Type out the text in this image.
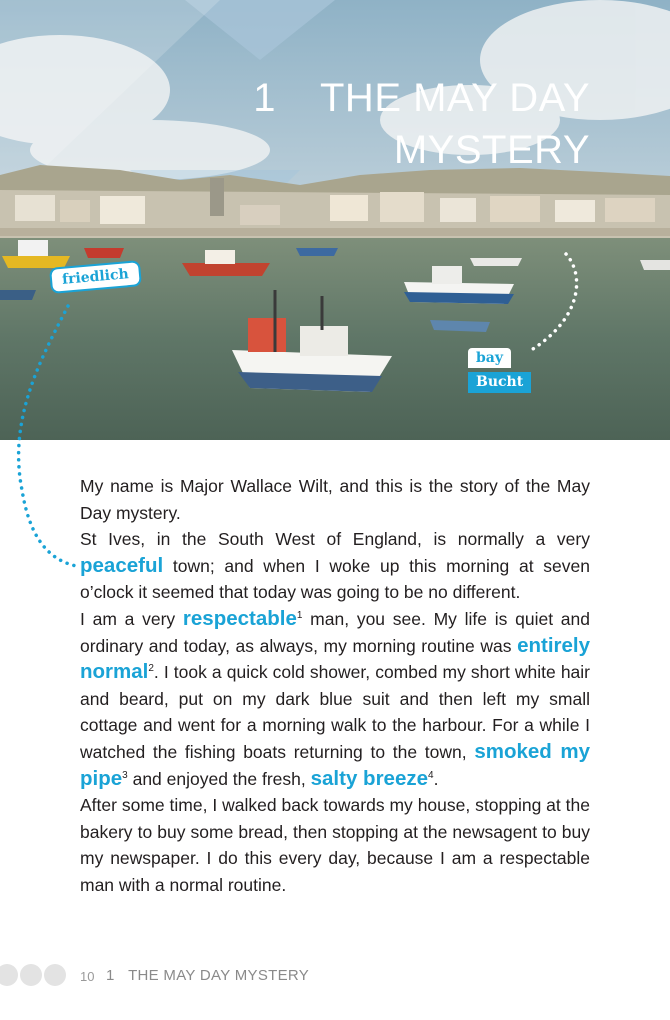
1 THE MAY DAY
MYSTERY
friedlich
bay
Bucht

My name is Major Wallace Wilt, and this is the story of the May Day mystery.

St Ives, in the South West of England, is normally a very peaceful town; and when I woke up this morning at seven o’clock it seemed that today was going to be no different.

I am a very respectable$^1$ man, you see. My life is quiet and ordinary and today, as always, my morning routine was entirely normal$^2$. I took a quick cold shower, combed my short white hair and beard, put on my dark blue suit and then left my small cottage and went for a morning walk to the harbour. For a while I watched the fishing boats returning to the town, smoked my pipe$^3$ and enjoyed the fresh, salty breeze$^4$.

After some time, I walked back towards my house, stopping at the bakery to buy some bread, then stopping at the newsagent to buy my newspaper. I do this every day, because I am a respectable man with a normal routine.

10 1 THE MAY DAY MYSTERY
